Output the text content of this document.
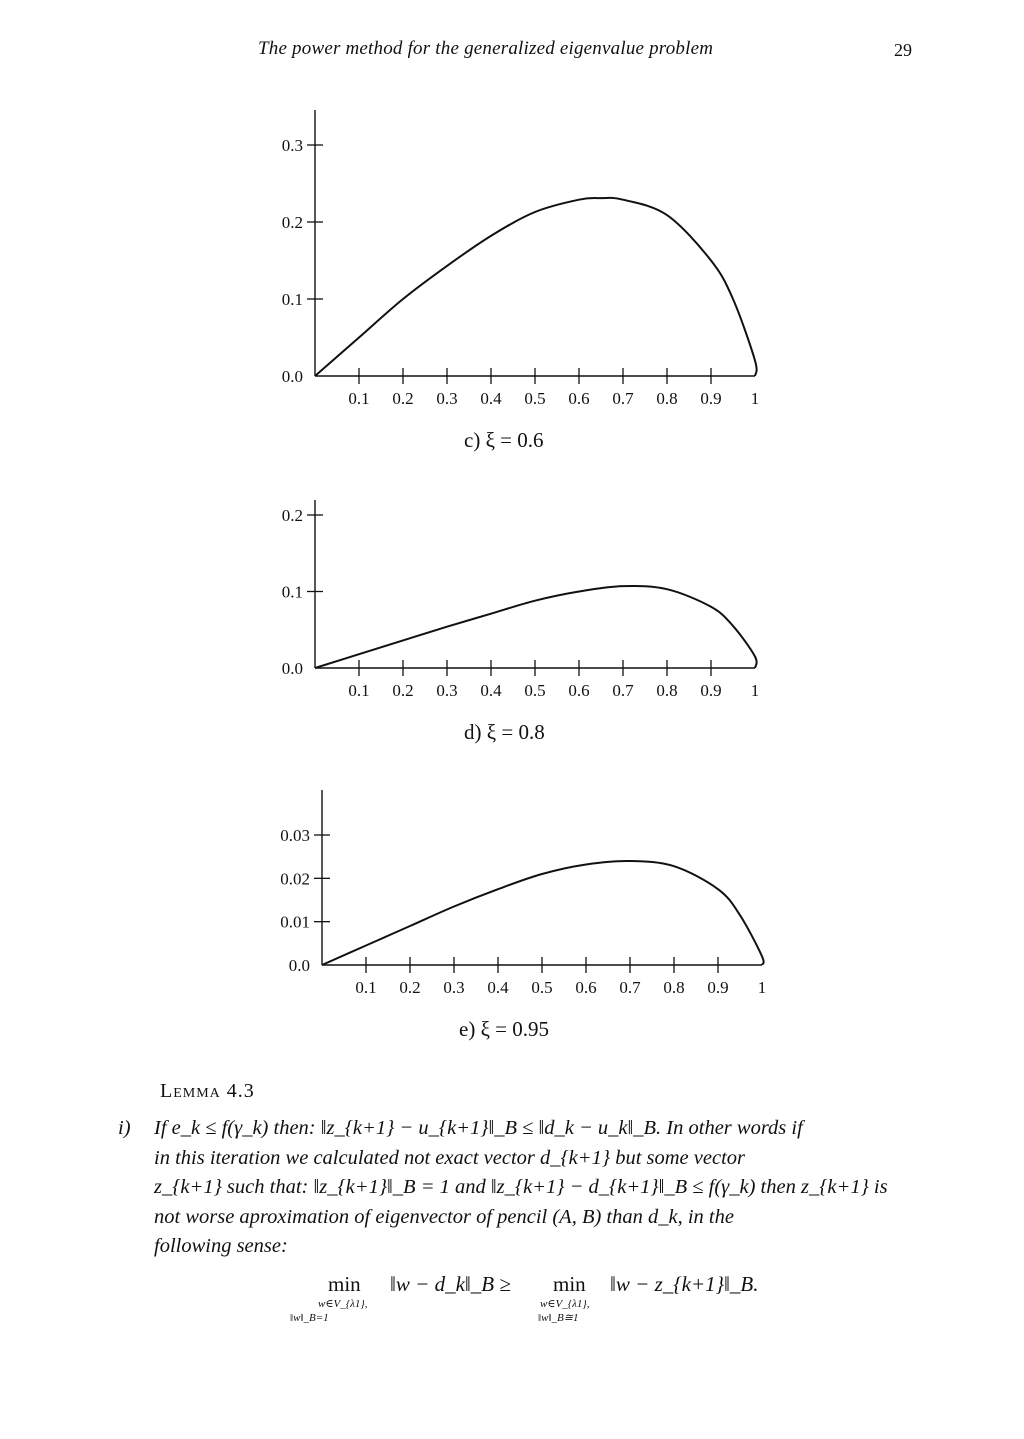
The power method for the generalized eigenvalue problem	29
0.0
0.1
0.2
0.3
0.1 0.2 0.3 0.4 0.5 0.6 0.7 0.8 0.9 1
c) ξ = 0.6
0.0
0.1
0.2
0.1 0.2 0.3 0.4 0.5 0.6 0.7 0.8 0.9 1
d) ξ = 0.8
0.0
0.01
0.02
0.03
0.1 0.2 0.3 0.4 0.5 0.6 0.7 0.8 0.9 1
e) ξ = 0.95
Lemma 4.3
i) If e_k ≤ f(γ_k) then: ‖z_{k+1} − u_{k+1}‖_B ≤ ‖d_k − u_k‖_B. In other words if
in this iteration we calculated not exact vector d_{k+1} but some vector
z_{k+1} such that: ‖z_{k+1}‖_B = 1 and ‖z_{k+1} − d_{k+1}‖_B ≤ f(γ_k) then z_{k+1} is
not worse aproximation of eigenvector of pencil (A, B) than d_k, in the
following sense:
min
w∈V_{λ1},
‖w‖_B=1
‖w − d_k‖_B ≥ min
w∈V_{λ1},
‖w‖_B≅1
‖w − z_{k+1}‖_B.
